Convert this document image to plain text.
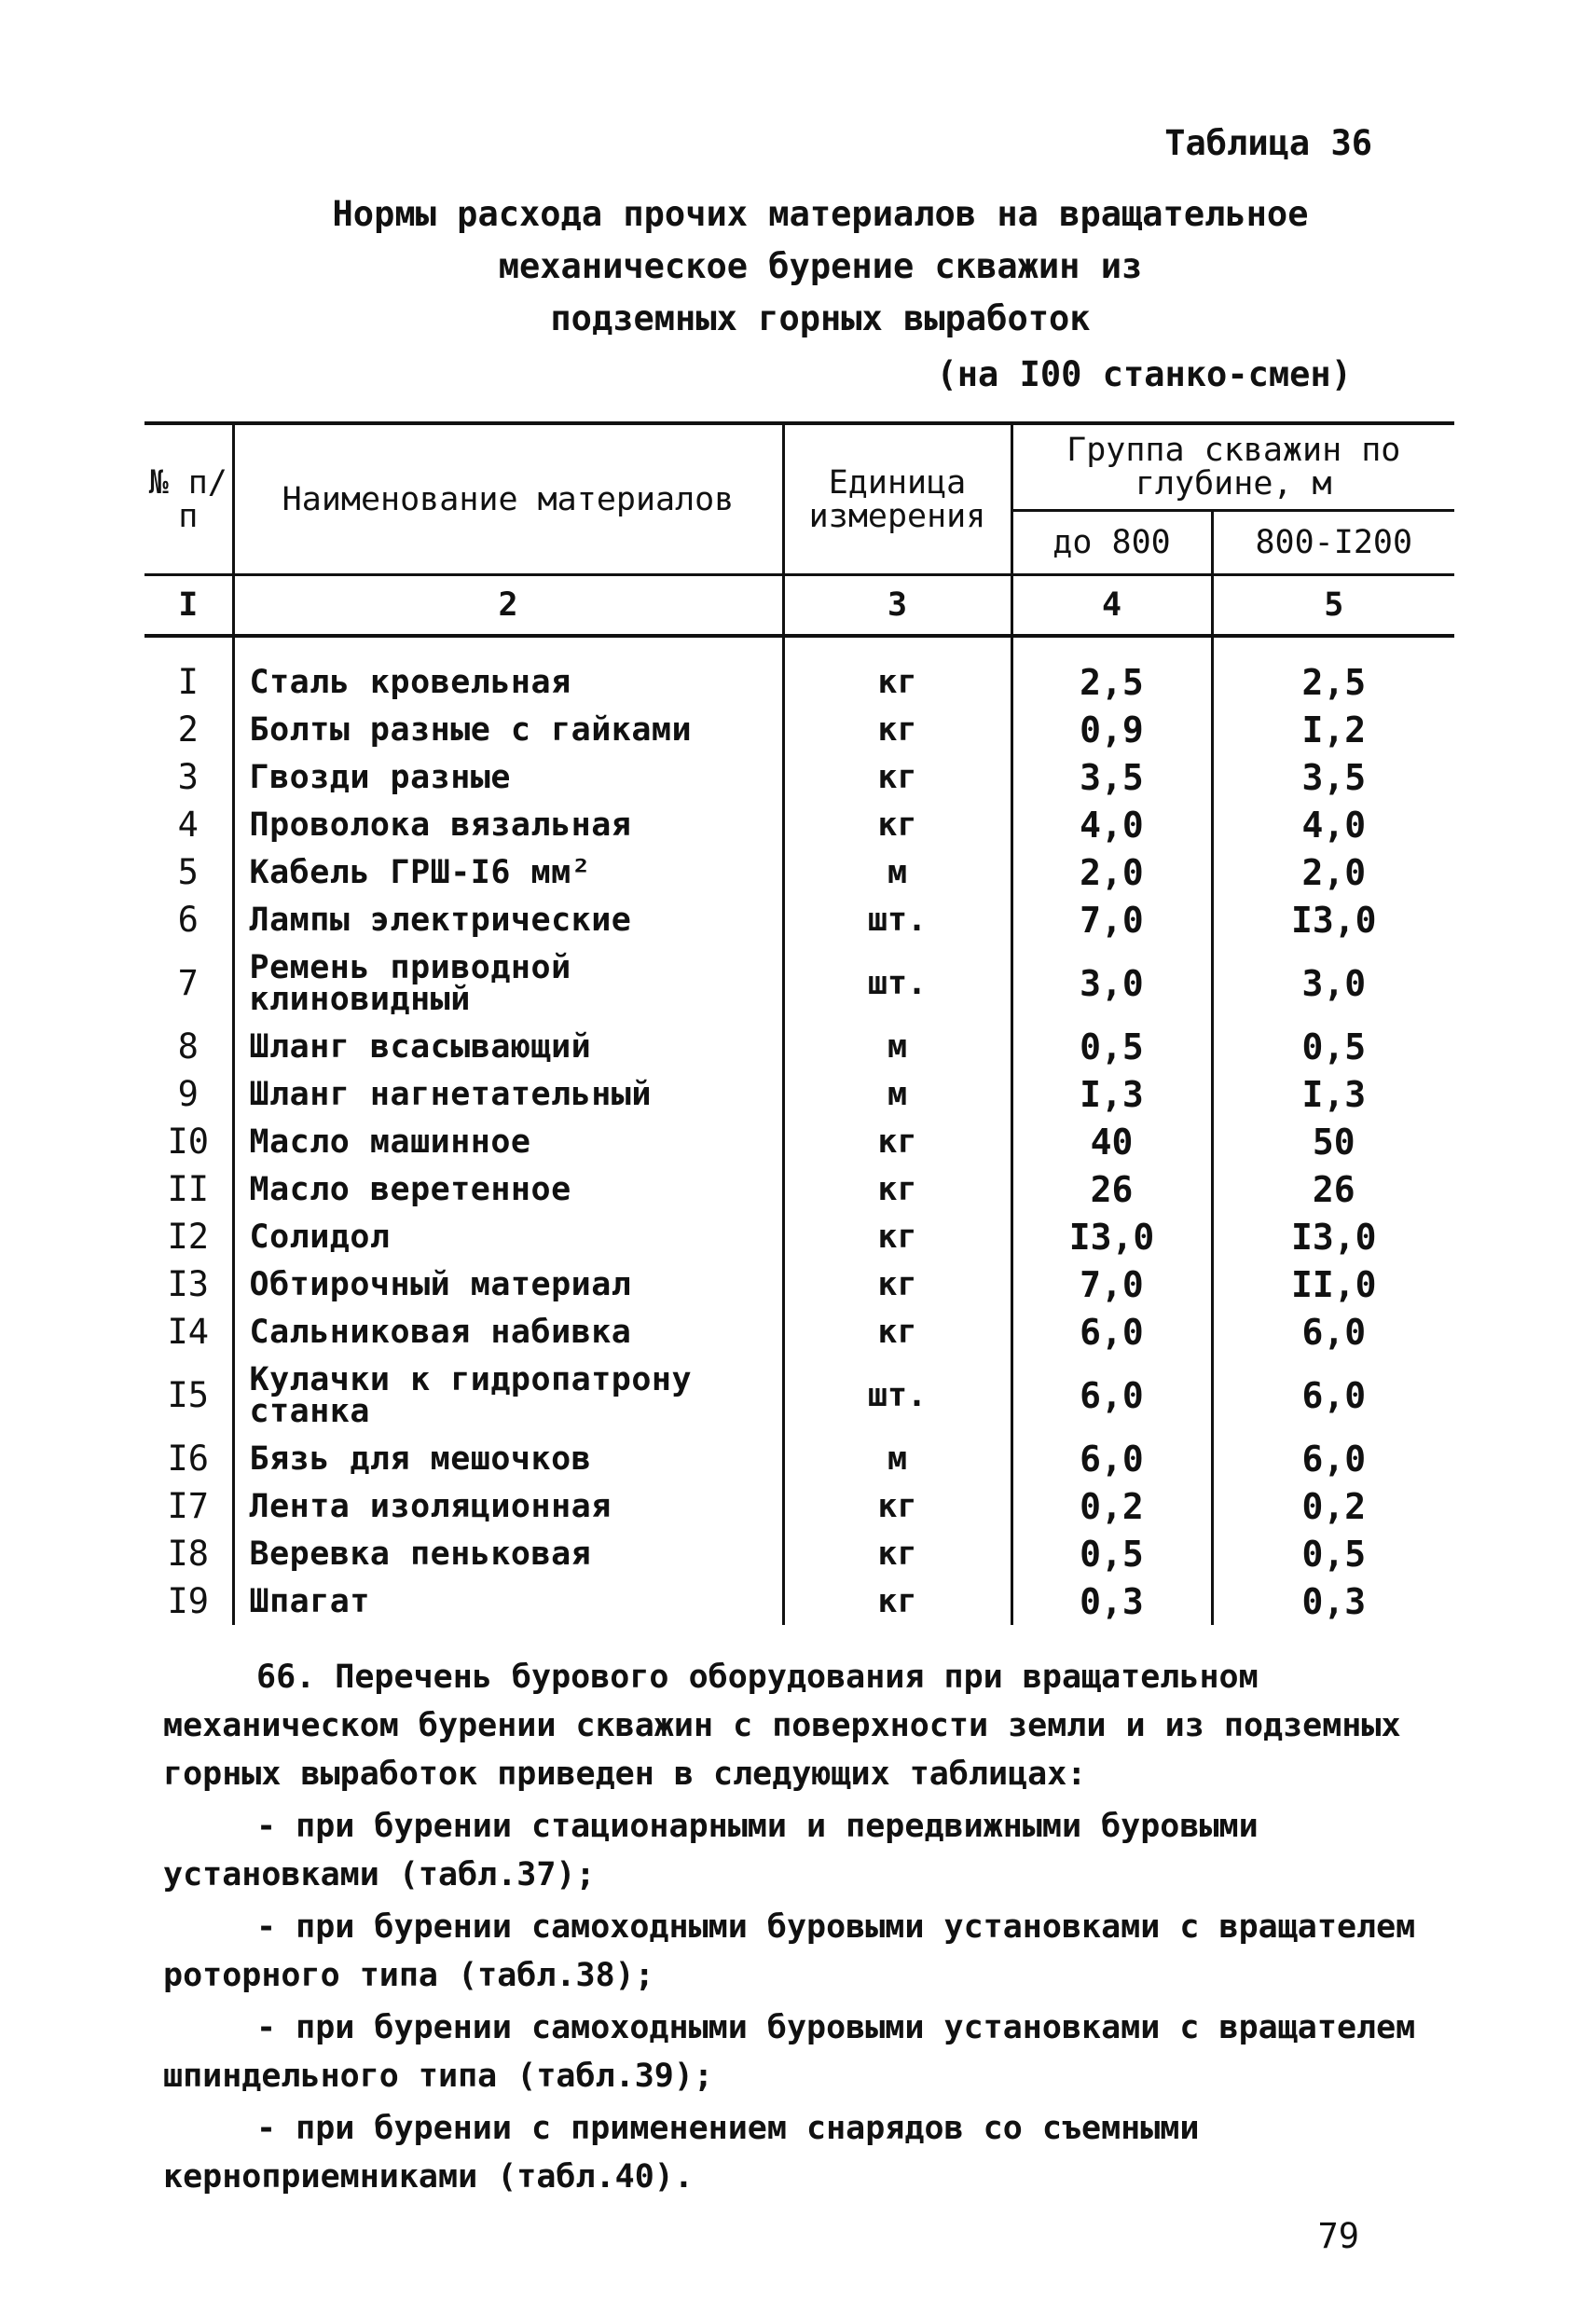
Таблица 36
Нормы расхода прочих материалов на вращательное
механическое бурение скважин из
подземных горных выработок
(на I00 станко-смен)
№ п/п	Наименование материалов	Единица измерения	Группа скважин по глубине, м	
			до 800	800-I200
I	2	3	4	5

I	Сталь кровельная	кг	2,5	2,5
2	Болты разные с гайками	кг	0,9	I,2
3	Гвозди разные	кг	3,5	3,5
4	Проволока вязальная	кг	4,0	4,0
5	Кабель ГРШ-I6 мм²	м	2,0	2,0
6	Лампы электрические	шт.	7,0	I3,0
7	Ремень приводной клиновидный	шт.	3,0	3,0
8	Шланг всасывающий	м	0,5	0,5
9	Шланг нагнетательный	м	I,3	I,3
I0	Масло машинное	кг	40	50
II	Масло веретенное	кг	26	26
I2	Солидол	кг	I3,0	I3,0
I3	Обтирочный материал	кг	7,0	II,0
I4	Сальниковая набивка	кг	6,0	6,0
I5	Кулачки к гидропатрону станка	шт.	6,0	6,0
I6	Бязь для мешочков	м	6,0	6,0
I7	Лента изоляционная	кг	0,2	0,2
I8	Веревка пеньковая	кг	0,5	0,5
I9	Шпагат	кг	0,3	0,3

66. Перечень бурового оборудования при вращательном механическом бурении скважин с поверхности земли и из подземных горных выработок приведен в следующих таблицах:

- при бурении стационарными и передвижными буровыми установками (табл.37);

- при бурении самоходными буровыми установками с вращателем роторного типа (табл.38);

- при бурении самоходными буровыми установками с вращателем шпиндельного типа (табл.39);

- при бурении с применением снарядов со съемными керноприемниками (табл.40).

79
